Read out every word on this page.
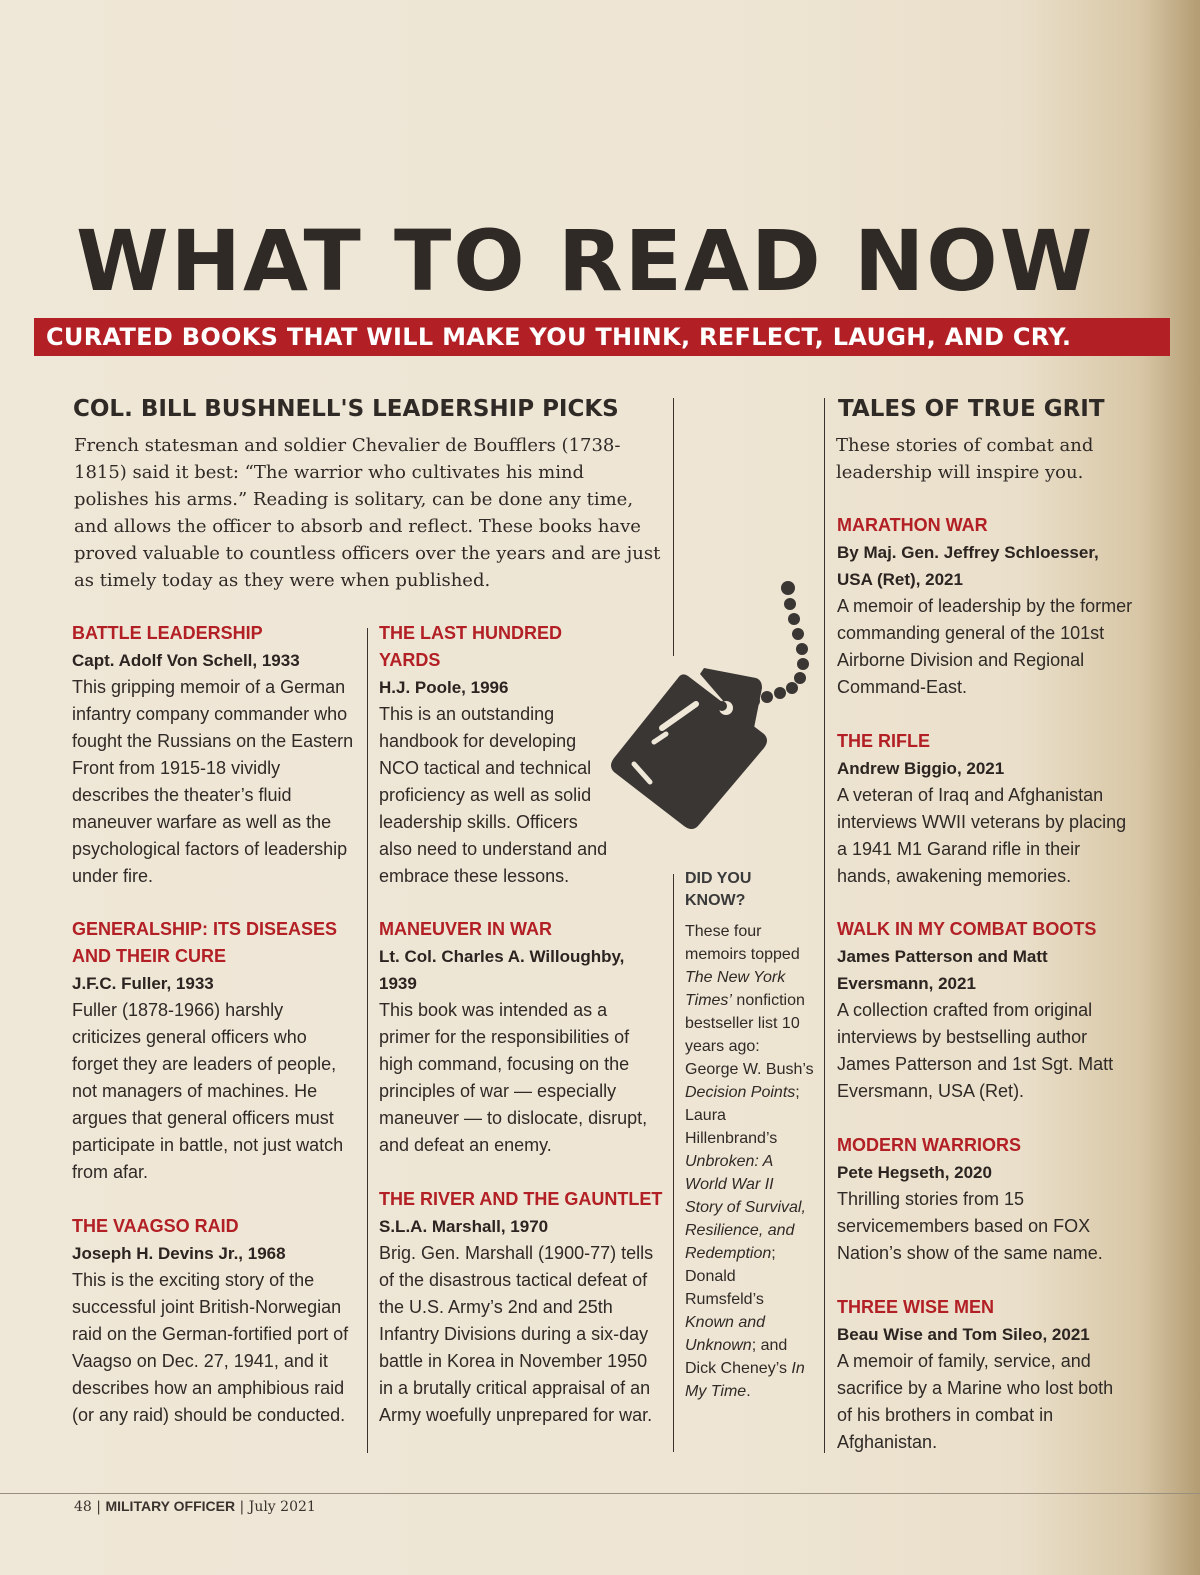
WHAT TO READ NOW
CURATED BOOKS THAT WILL MAKE YOU THINK, REFLECT, LAUGH, AND CRY.
COL. BILL BUSHNELL'S LEADERSHIP PICKS
French statesman and soldier Chevalier de Boufflers (1738-1815) said it best: “The warrior who cultivates his mind polishes his arms.” Reading is solitary, can be done any time, and allows the officer to absorb and reflect. These books have proved valuable to countless officers over the years and are just as timely today as they were when published.
BATTLE LEADERSHIP
Capt. Adolf Von Schell, 1933
This gripping memoir of a German infantry company commander who fought the Russians on the Eastern Front from 1915-18 vividly describes the theater’s fluid maneuver warfare as well as the psychological factors of leadership under fire.
GENERALSHIP: ITS DISEASES AND THEIR CURE
J.F.C. Fuller, 1933
Fuller (1878-1966) harshly criticizes general officers who forget they are leaders of people, not managers of machines. He argues that general officers must participate in battle, not just watch from afar.
THE VAAGSO RAID
Joseph H. Devins Jr., 1968
This is the exciting story of the successful joint British-Norwegian raid on the German-fortified port of Vaagso on Dec. 27, 1941, and it describes how an amphibious raid (or any raid) should be conducted.
THE LAST HUNDRED YARDS
H.J. Poole, 1996
This is an outstanding handbook for developing NCO tactical and technical proficiency as well as solid leadership skills. Officers also need to understand and embrace these lessons.
MANEUVER IN WAR
Lt. Col. Charles A. Willoughby, 1939
This book was intended as a primer for the responsibilities of high command, focusing on the principles of war — especially maneuver — to dislocate, disrupt, and defeat an enemy.
THE RIVER AND THE GAUNTLET
S.L.A. Marshall, 1970
Brig. Gen. Marshall (1900-77) tells of the disastrous tactical defeat of the U.S. Army’s 2nd and 25th Infantry Divisions during a six-day battle in Korea in November 1950 in a brutally critical appraisal of an Army woefully unprepared for war.
DID YOU KNOW?
These four memoirs topped The New York Times’ nonfiction bestseller list 10 years ago: George W. Bush’s Decision Points; Laura Hillenbrand’s Unbroken: A World War II Story of Survival, Resilience, and Redemption; Donald Rumsfeld’s Known and Unknown; and Dick Cheney’s In My Time.
TALES OF TRUE GRIT
These stories of combat and leadership will inspire you.
MARATHON WAR
By Maj. Gen. Jeffrey Schloesser, USA (Ret), 2021
A memoir of leadership by the former commanding general of the 101st Airborne Division and Regional Command-East.
THE RIFLE
Andrew Biggio, 2021
A veteran of Iraq and Afghanistan interviews WWII veterans by placing a 1941 M1 Garand rifle in their hands, awakening memories.
WALK IN MY COMBAT BOOTS
James Patterson and Matt Eversmann, 2021
A collection crafted from original interviews by bestselling author James Patterson and 1st Sgt. Matt Eversmann, USA (Ret).
MODERN WARRIORS
Pete Hegseth, 2020
Thrilling stories from 15 servicemembers based on FOX Nation’s show of the same name.
THREE WISE MEN
Beau Wise and Tom Sileo, 2021
A memoir of family, service, and sacrifice by a Marine who lost both of his brothers in combat in Afghanistan.
48 | MILITARY OFFICER | July 2021
